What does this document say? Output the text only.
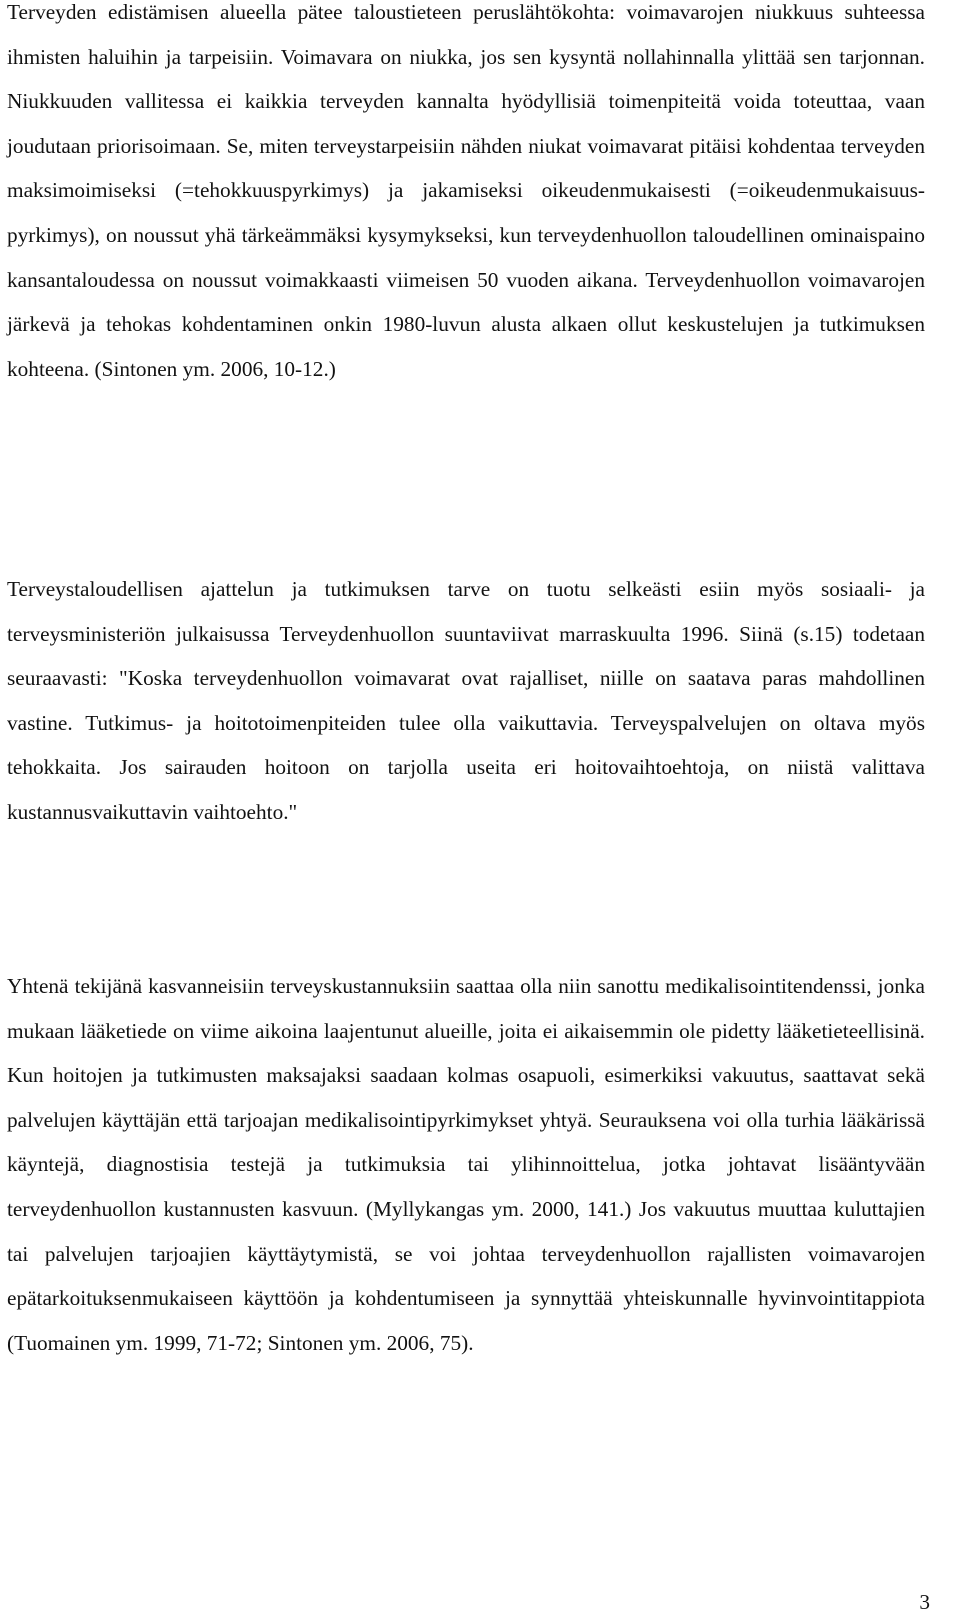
Terveyden edistämisen alueella pätee taloustieteen peruslähtökohta: voimavarojen niukkuus suhteessa ihmisten haluihin ja tarpeisiin. Voimavara on niukka, jos sen kysyntä nollahinnalla ylittää sen tarjonnan. Niukkuuden vallitessa ei kaikkia terveyden kannalta hyödyllisiä toimenpiteitä voida toteuttaa, vaan joudutaan priorisoimaan. Se, miten terveystarpeisiin nähden niukat voimavarat pitäisi kohdentaa terveyden maksimoimiseksi (=tehokkuuspyrkimys) ja jakamiseksi oikeudenmukaisesti (=oikeudenmukaisuus-pyrkimys), on noussut yhä tärkeämmäksi kysymykseksi, kun terveydenhuollon taloudellinen ominaispaino kansantaloudessa on noussut voimakkaasti viimeisen 50 vuoden aikana. Terveydenhuollon voimavarojen järkevä ja tehokas kohdentaminen onkin 1980-luvun alusta alkaen ollut keskustelujen ja tutkimuksen kohteena. (Sintonen ym. 2006, 10-12.)

Terveystaloudellisen ajattelun ja tutkimuksen tarve on tuotu selkeästi esiin myös sosiaali- ja terveysministeriön julkaisussa Terveydenhuollon suuntaviivat marraskuulta 1996. Siinä (s.15) todetaan seuraavasti: "Koska terveydenhuollon voimavarat ovat rajalliset, niille on saatava paras mahdollinen vastine. Tutkimus- ja hoitotoimenpiteiden tulee olla vaikuttavia. Terveyspalvelujen on oltava myös tehokkaita. Jos sairauden hoitoon on tarjolla useita eri hoitovaihtoehtoja, on niistä valittava kustannusvaikuttavin vaihtoehto."

Yhtenä tekijänä kasvanneisiin terveyskustannuksiin saattaa olla niin sanottu medikalisointitendenssi, jonka mukaan lääketiede on viime aikoina laajentunut alueille, joita ei aikaisemmin ole pidetty lääketieteellisinä. Kun hoitojen ja tutkimusten maksajaksi saadaan kolmas osapuoli, esimerkiksi vakuutus, saattavat sekä palvelujen käyttäjän että tarjoajan medikalisointipyrkimykset yhtyä. Seurauksena voi olla turhia lääkärissä käyntejä, diagnostisia testejä ja tutkimuksia tai ylihinnoittelua, jotka johtavat lisääntyvään terveydenhuollon kustannusten kasvuun. (Myllykangas ym. 2000, 141.) Jos vakuutus muuttaa kuluttajien tai palvelujen tarjoajien käyttäytymistä, se voi johtaa terveydenhuollon rajallisten voimavarojen epätarkoituksenmukaiseen käyttöön ja kohdentumiseen ja synnyttää yhteiskunnalle hyvinvointitappiota (Tuomainen ym. 1999, 71-72; Sintonen ym. 2006, 75).

3
